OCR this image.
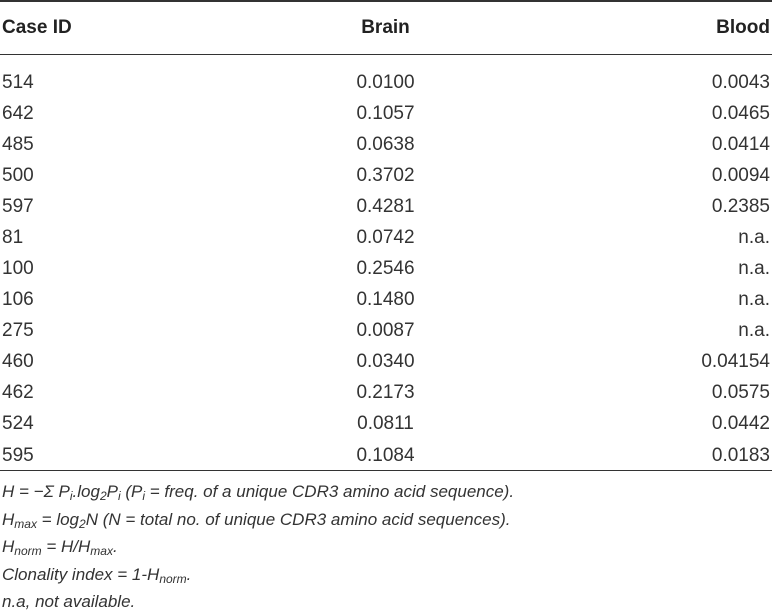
Case ID	Brain	Blood
514	0.0100	0.0043
642	0.1057	0.0465
485	0.0638	0.0414
500	0.3702	0.0094
597	0.4281	0.2385
81	0.0742	n.a.
100	0.2546	n.a.
106	0.1480	n.a.
275	0.0087	n.a.
460	0.0340	0.04154
462	0.2173	0.0575
524	0.0811	0.0442
595	0.1084	0.0183
H = −Σ $P_i.\log_2P_i$ ($P_i$ = freq. of a unique CDR3 amino acid sequence).
$H_{max} = \log_2N$ (N = total no. of unique CDR3 amino acid sequences).
$H_{norm} = H/H_{max}$.
Clonality index = $1-H_{norm}$.
n.a, not available.
